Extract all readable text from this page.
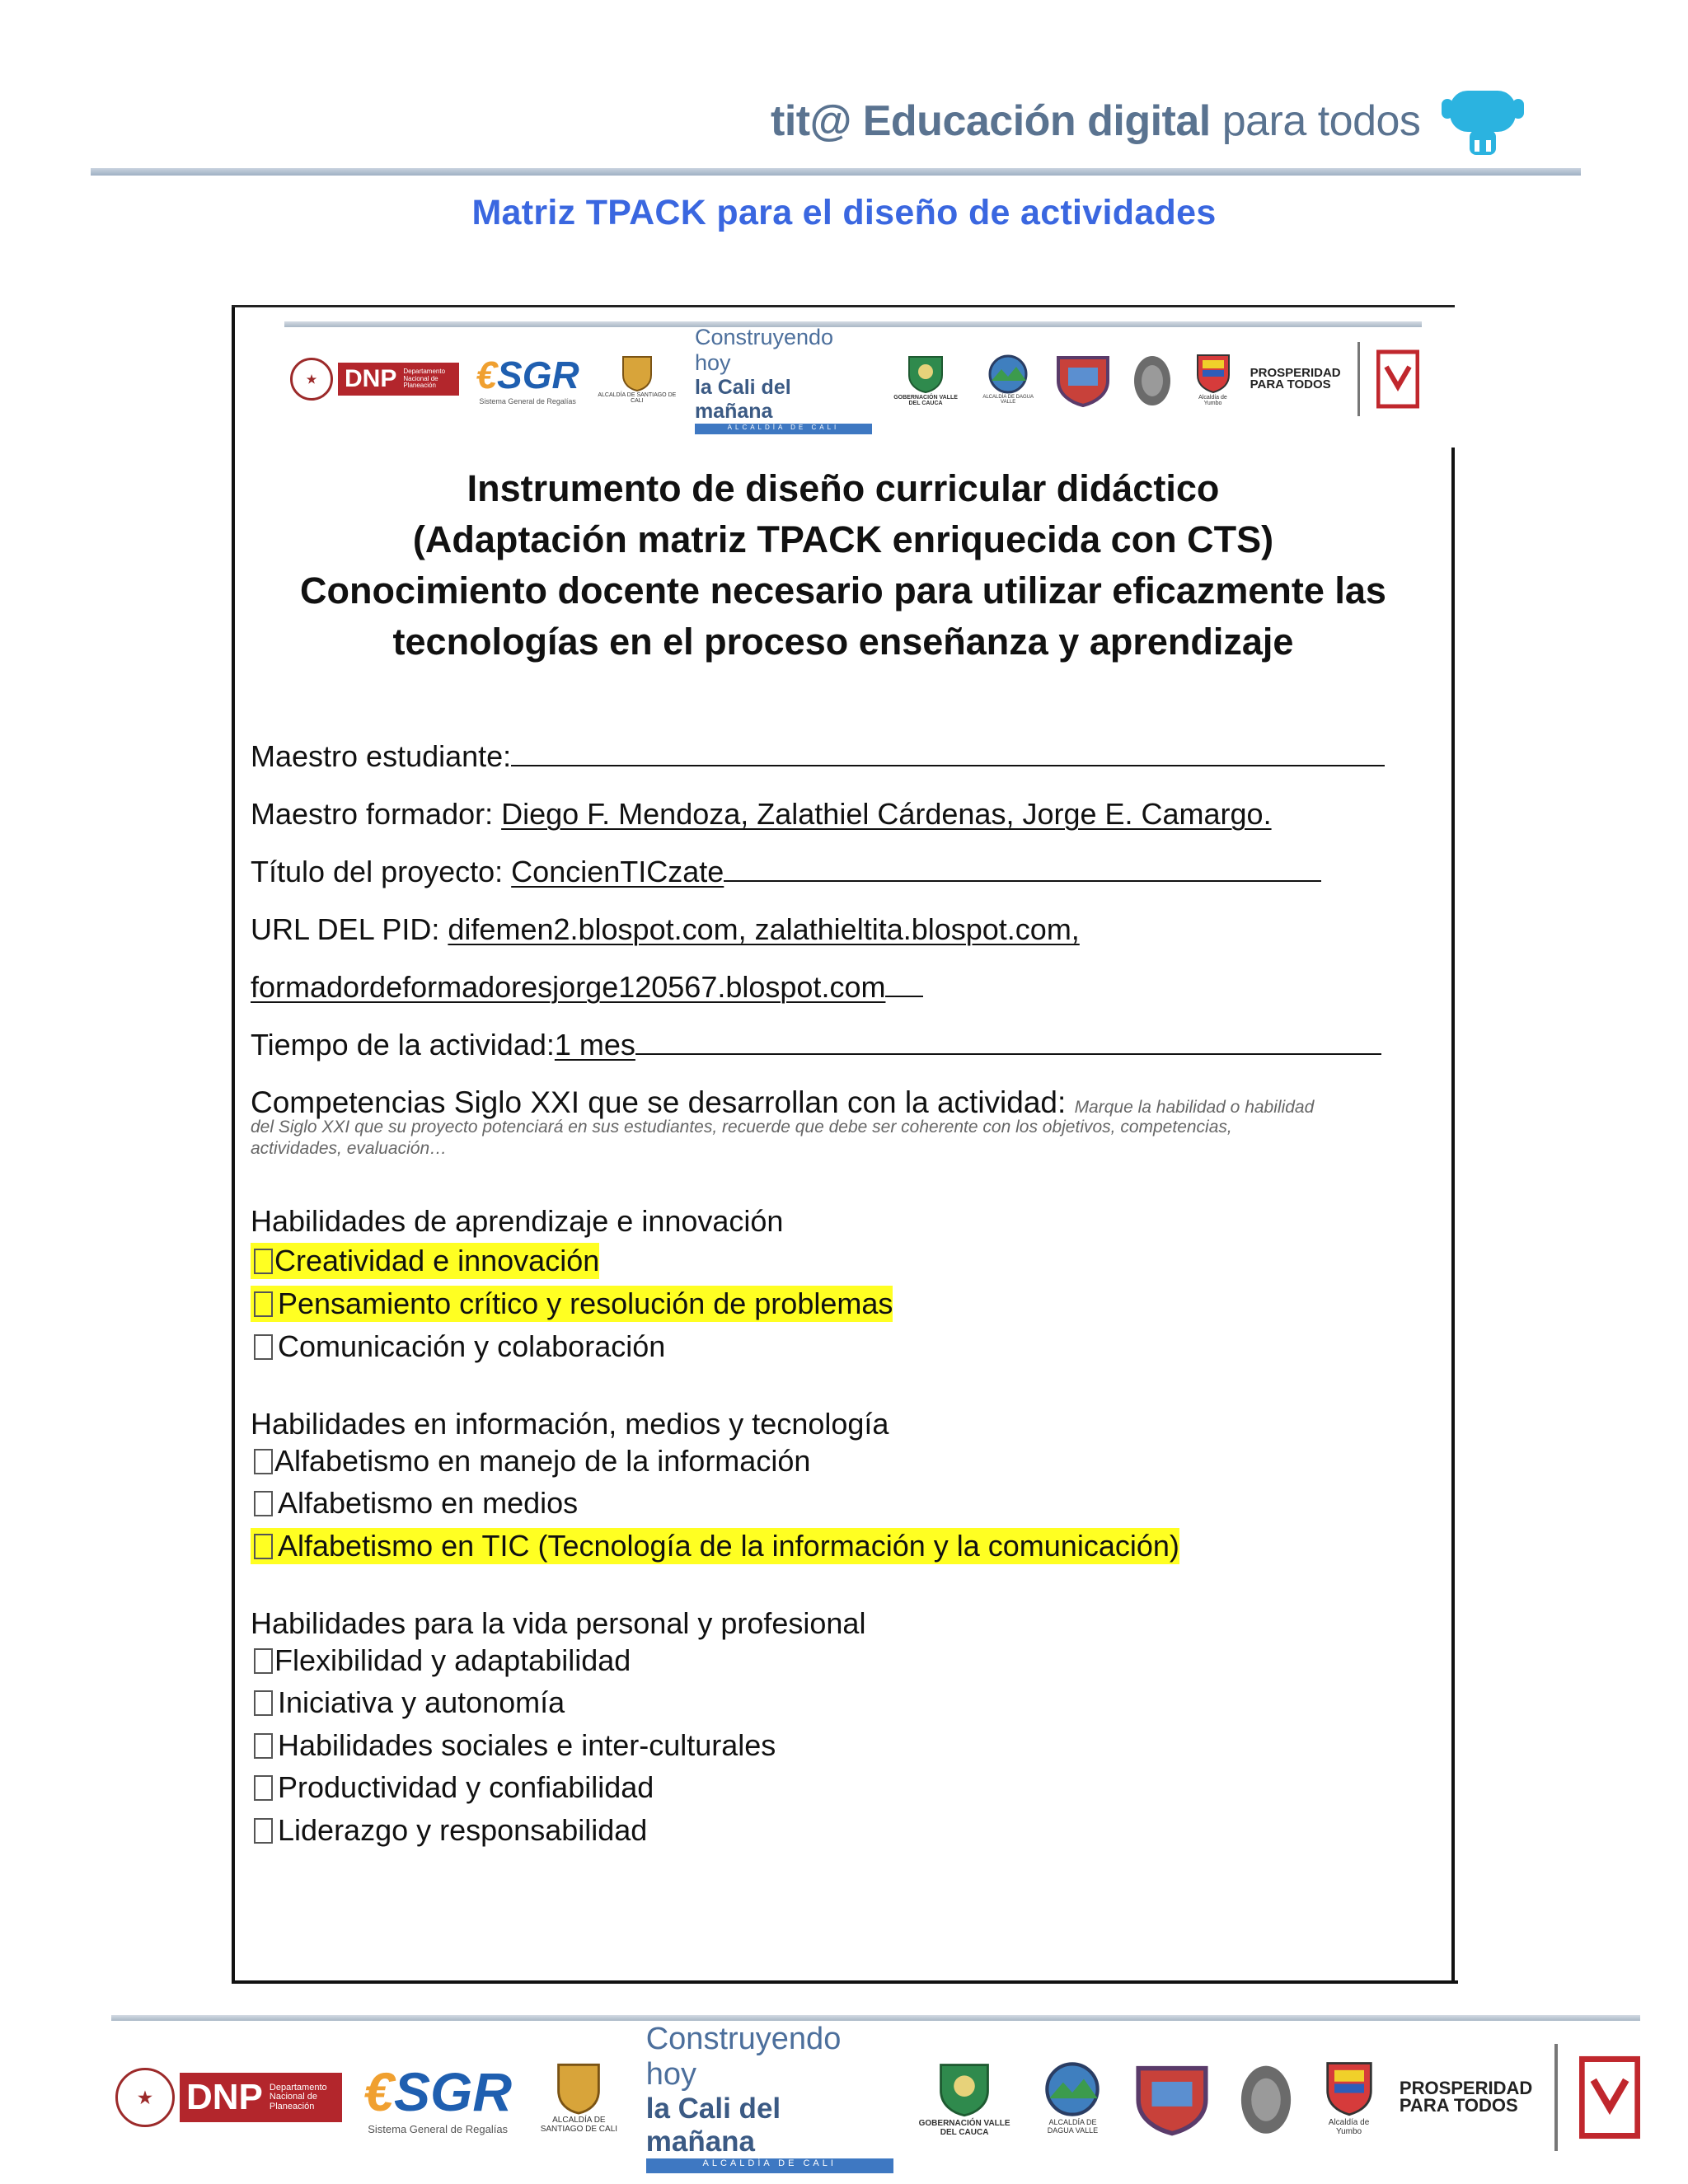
tit@ Educación digital para todos
Matriz TPACK para el diseño de actividades
★	DNP Departamento Nacional de Planeación	€SGR
Sistema General de Regalías
ALCALDÍA DE SANTIAGO DE CALI
Construyendo hoy
la Cali del mañana
ALCALDÍA DE CALI
GOBERNACIÓN VALLE DEL CAUCA
ALCALDÍA DE DAGUA VALLE
Alcaldía de Yumbo
PROSPERIDAD
PARA TODOS
Instrumento de diseño curricular didáctico
(Adaptación matriz TPACK enriquecida con CTS)
Conocimiento docente necesario para utilizar eficazmente las
tecnologías en el proceso enseñanza y aprendizaje
Maestro estudiante:
Maestro formador: Diego F. Mendoza, Zalathiel Cárdenas, Jorge E. Camargo.
Título del proyecto: ConcienTICzate
URL DEL PID: difemen2.blospot.com, zalathieltita.blospot.com,
formadordeformadoresjorge120567.blospot.com
Tiempo de la actividad:1 mes
Competencias Siglo XXI que se desarrollan con la actividad: Marque la habilidad o habilidad
del Siglo XXI que su proyecto potenciará en sus estudiantes, recuerde que debe ser coherente con los objetivos, competencias,
actividades, evaluación…
Habilidades de aprendizaje e innovación
Creatividad e innovación
Pensamiento crítico y resolución de problemas
Comunicación y colaboración
Habilidades en información, medios y tecnología
Alfabetismo en manejo de la información
Alfabetismo en medios
Alfabetismo en TIC (Tecnología de la información y la comunicación)
Habilidades para la vida personal y profesional
Flexibilidad y adaptabilidad
Iniciativa y autonomía
Habilidades sociales e inter-culturales
Productividad y confiabilidad
Liderazgo y responsabilidad
★ DNP Departamento Nacional de Planeación €SGR
Sistema General de Regalías
ALCALDÍA DE SANTIAGO DE CALI
Construyendo hoy
la Cali del mañana
ALCALDÍA DE CALI
GOBERNACIÓN VALLE DEL CAUCA
ALCALDÍA DE DAGUA VALLE
Alcaldía de Yumbo
PROSPERIDAD
PARA TODOS
